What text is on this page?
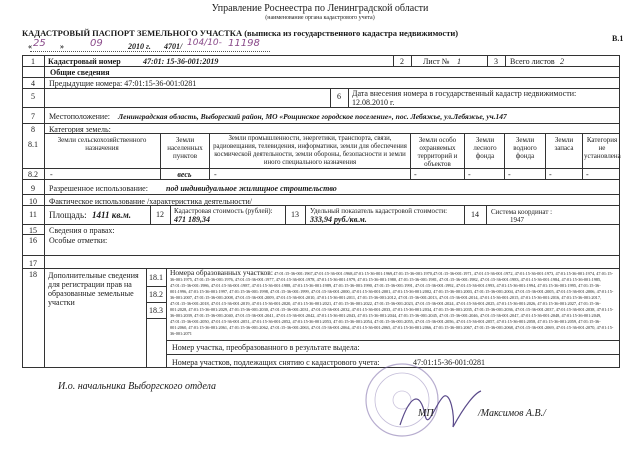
Управление Роснеестра по Ленинградской области
(наименование органа кадастрового учета)
КАДАСТРОВЫЙ ПАСПОРТ ЗЕМЕЛЬНОГО УЧАСТКА (выписка из государственного кадастра недвижимости)
В.1
« 25 »	09	2010 г. 4701/ 104/10- 11198
1	Кадастровый номер	47:01: 15-36-001:2019	2	Лист № 1	3	Всего листов 2
Общие сведения
4	Предыдущие номера: 47:01:15-36-001:0281
5	6	Дата внесения номера в государственный кадастр недвижимости:
12.08.2010 г.
7	Местоположение: Ленинградская область, Выборгский район, МО «Рощинское городское поселение», пос. Лебяжье, ул.Лебяжье, уч.147
8	Категория земель:
8.1	Земли сельскохозяйственного назначения
Земли населенных пунктов
Земли промышленности, энергетики, транспорта, связи, радиовещания, телевидения, информатики, земли для обеспечения космической деятельности, земли обороны, безопасности и земли иного специального назначения
Земли особо охраняемых территорий и объектов
Земли лесного фонда
Земли водного фонда
Земли запаса
Категория не установлена
8.2	-	весь	-	-	-	-	-	-
9	Разрешенное использование: под индивидуальное жилищное строительство
10	Фактическое использование /характеристика деятельности/
11	Площадь: 1411 кв.м.	12	Кадастровая стоимость (рублей):
471 189,34
13	Удельный показатель кадастровой стоимости:
333,94 руб./кв.м.
14	Система координат :
1947
15	Сведения о правах:
16	Особые отметки:
17
18	Дополнительные сведения для регистрации прав на образованные земельные участки
18.1
18.2
18.3
Номера образованных участков: 47:01:15-36-001:1967,47:01:15-36-001:1968,47:01:15-36-001:1969,47:01:15-36-001:1970,47:01:15-36-001:1971, 47:01:15-36-001:1972, 47:01:15-36-001:1973, 47:01:15-36-001:1974, 47:01:15-36-001:1975, 47:01:15-36-001:1976, 47:01:15-36-001:1977, 47:01:15-36-001:1978, 47:01:15-36-001:1979, 47:01:15-36-001:1980, 47:01:15-36-001:1981, 47:01:15-36-001:1982, 47:01:15-36-001:1983, 47:01:15-36-001:1984, 47:01:15-36-001:1985, 47:01:15-36-001:1986, 47:01:15-36-001:1987, 47:01:15-36-001:1988, 47:01:15-36-001:1989, 47:01:15-36-001:1990, 47:01:15-36-001:1991, 47:01:15-36-001:1992, 47:01:15-36-001:1993, 47:01:15-36-001:1994, 47:01:15-36-001:1995, 47:01:15-36-001:1996, 47:01:15-36-001:1997, 47:01:15-36-001:1998, 47:01:15-36-001:1999, 47:01:15-36-001:2000, 47:01:15-36-001:2001, 47:01:15-36-001:2002, 47:01:15-36-001:2003, 47:01:15-36-001:2004, 47:01:15-36-001:2005, 47:01:15-36-001:2006, 47:01:15-36-001:2007, 47:01:15-36-001:2008, 47:01:15-36-001:2009, 47:01:15-36-001:2010, 47:01:15-36-001:2011, 47:01:15-36-001:2012, 47:01:15-36-001:2013, 47:01:15-36-001:2014, 47:01:15-36-001:2015, 47:01:15-36-001:2016, 47:01:15-36-001:2017, 47:01:15-36-001:2018, 47:01:15-36-001:2019, 47:01:15-36-001:2020, 47:01:15-36-001:2021, 47:01:15-36-001:2022, 47:01:15-36-001:2023, 47:01:15-36-001:2024, 47:01:15-36-001:2025, 47:01:15-36-001:2026, 47:01:15-36-001:2027, 47:01:15-36-001:2028, 47:01:15-36-001:2029, 47:01:15-36-001:2030, 47:01:15-36-001:2031, 47:01:15-36-001:2032, 47:01:15-36-001:2033, 47:01:15-36-001:2034, 47:01:15-36-001:2035, 47:01:15-36-001:2036, 47:01:15-36-001:2037, 47:01:15-36-001:2038, 47:01:15-36-001:2039, 47:01:15-36-001:2040, 47:01:15-36-001:2041, 47:01:15-36-001:2042, 47:01:15-36-001:2043, 47:01:15-36-001:2044, 47:01:15-36-001:2045, 47:01:15-36-001:2046, 47:01:15-36-001:2047, 47:01:15-36-001:2048, 47:01:15-36-001:2049, 47:01:15-36-001:2050, 47:01:15-36-001:2051, 47:01:15-36-001:2052, 47:01:15-36-001:2053, 47:01:15-36-001:2054, 47:01:15-36-001:2055, 47:01:15-36-001:2056, 47:01:15-36-001:2057, 47:01:15-36-001:2058, 47:01:15-36-001:2059, 47:01:15-36-001:2060, 47:01:15-36-001:2061, 47:01:15-36-001:2062, 47:01:15-36-001:2063, 47:01:15-36-001:2064, 47:01:15-36-001:2065, 47:01:15-36-001:2066, 47:01:15-36-001:2067, 47:01:15-36-001:2068, 47:01:15-36-001:2069, 47:01:15-36-001:2070, 47:01:15-36-001:2071
Номер участка, преобразованного в результате выдела:
Номера участков, подлежащих снятию с кадастрового учета:	47:01:15-36-001:0281
И.о. начальника Выборгского отдела
МП	/Максимов А.В./
